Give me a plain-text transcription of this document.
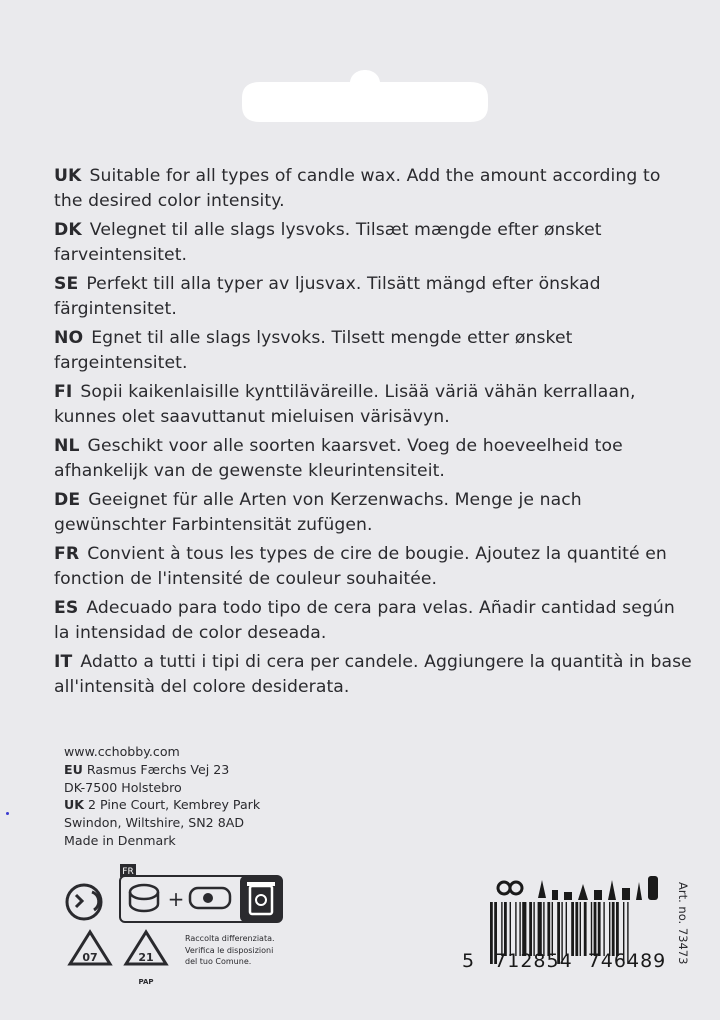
UK Suitable for all types of candle wax. Add the amount according to the desired color intensity.
DK Velegnet til alle slags lysvoks. Tilsæt mængde efter ønsket farveintensitet.
SE Perfekt till alla typer av ljusvax. Tilsätt mängd efter önskad färgintensitet.
NO Egnet til alle slags lysvoks. Tilsett mengde etter ønsket fargeintensitet.
FI Sopii kaikenlaisille kynttiläväreille. Lisää väriä vähän kerrallaan, kunnes olet saavuttanut mieluisen värisävyn.
NL Geschikt voor alle soorten kaarsvet. Voeg de hoeveelheid toe afhankelijk van de gewenste kleurintensiteit.
DE Geeignet für alle Arten von Kerzenwachs. Menge je nach gewünschter Farbintensität zufügen.
FR Convient à tous les types de cire de bougie. Ajoutez la quantité en fonction de l'intensité de couleur souhaitée.
ES Adecuado para todo tipo de cera para velas. Añadir cantidad según la intensidad de color deseada.
IT Adatto a tutti i tipi di cera per candele. Aggiungere la quantità in base all'intensità del colore desiderata.
www.cchobby.com
EU Rasmus Færchs Vej 23
DK-7500 Holstebro
UK 2 Pine Court, Kembrey Park
Swindon, Wiltshire, SN2 8AD
Made in Denmark
FR
+
07	21
PAP
Raccolta differenziata.
Verifica le disposizioni
del tuo Comune.	5 712854 746489 Art. no. 73473
